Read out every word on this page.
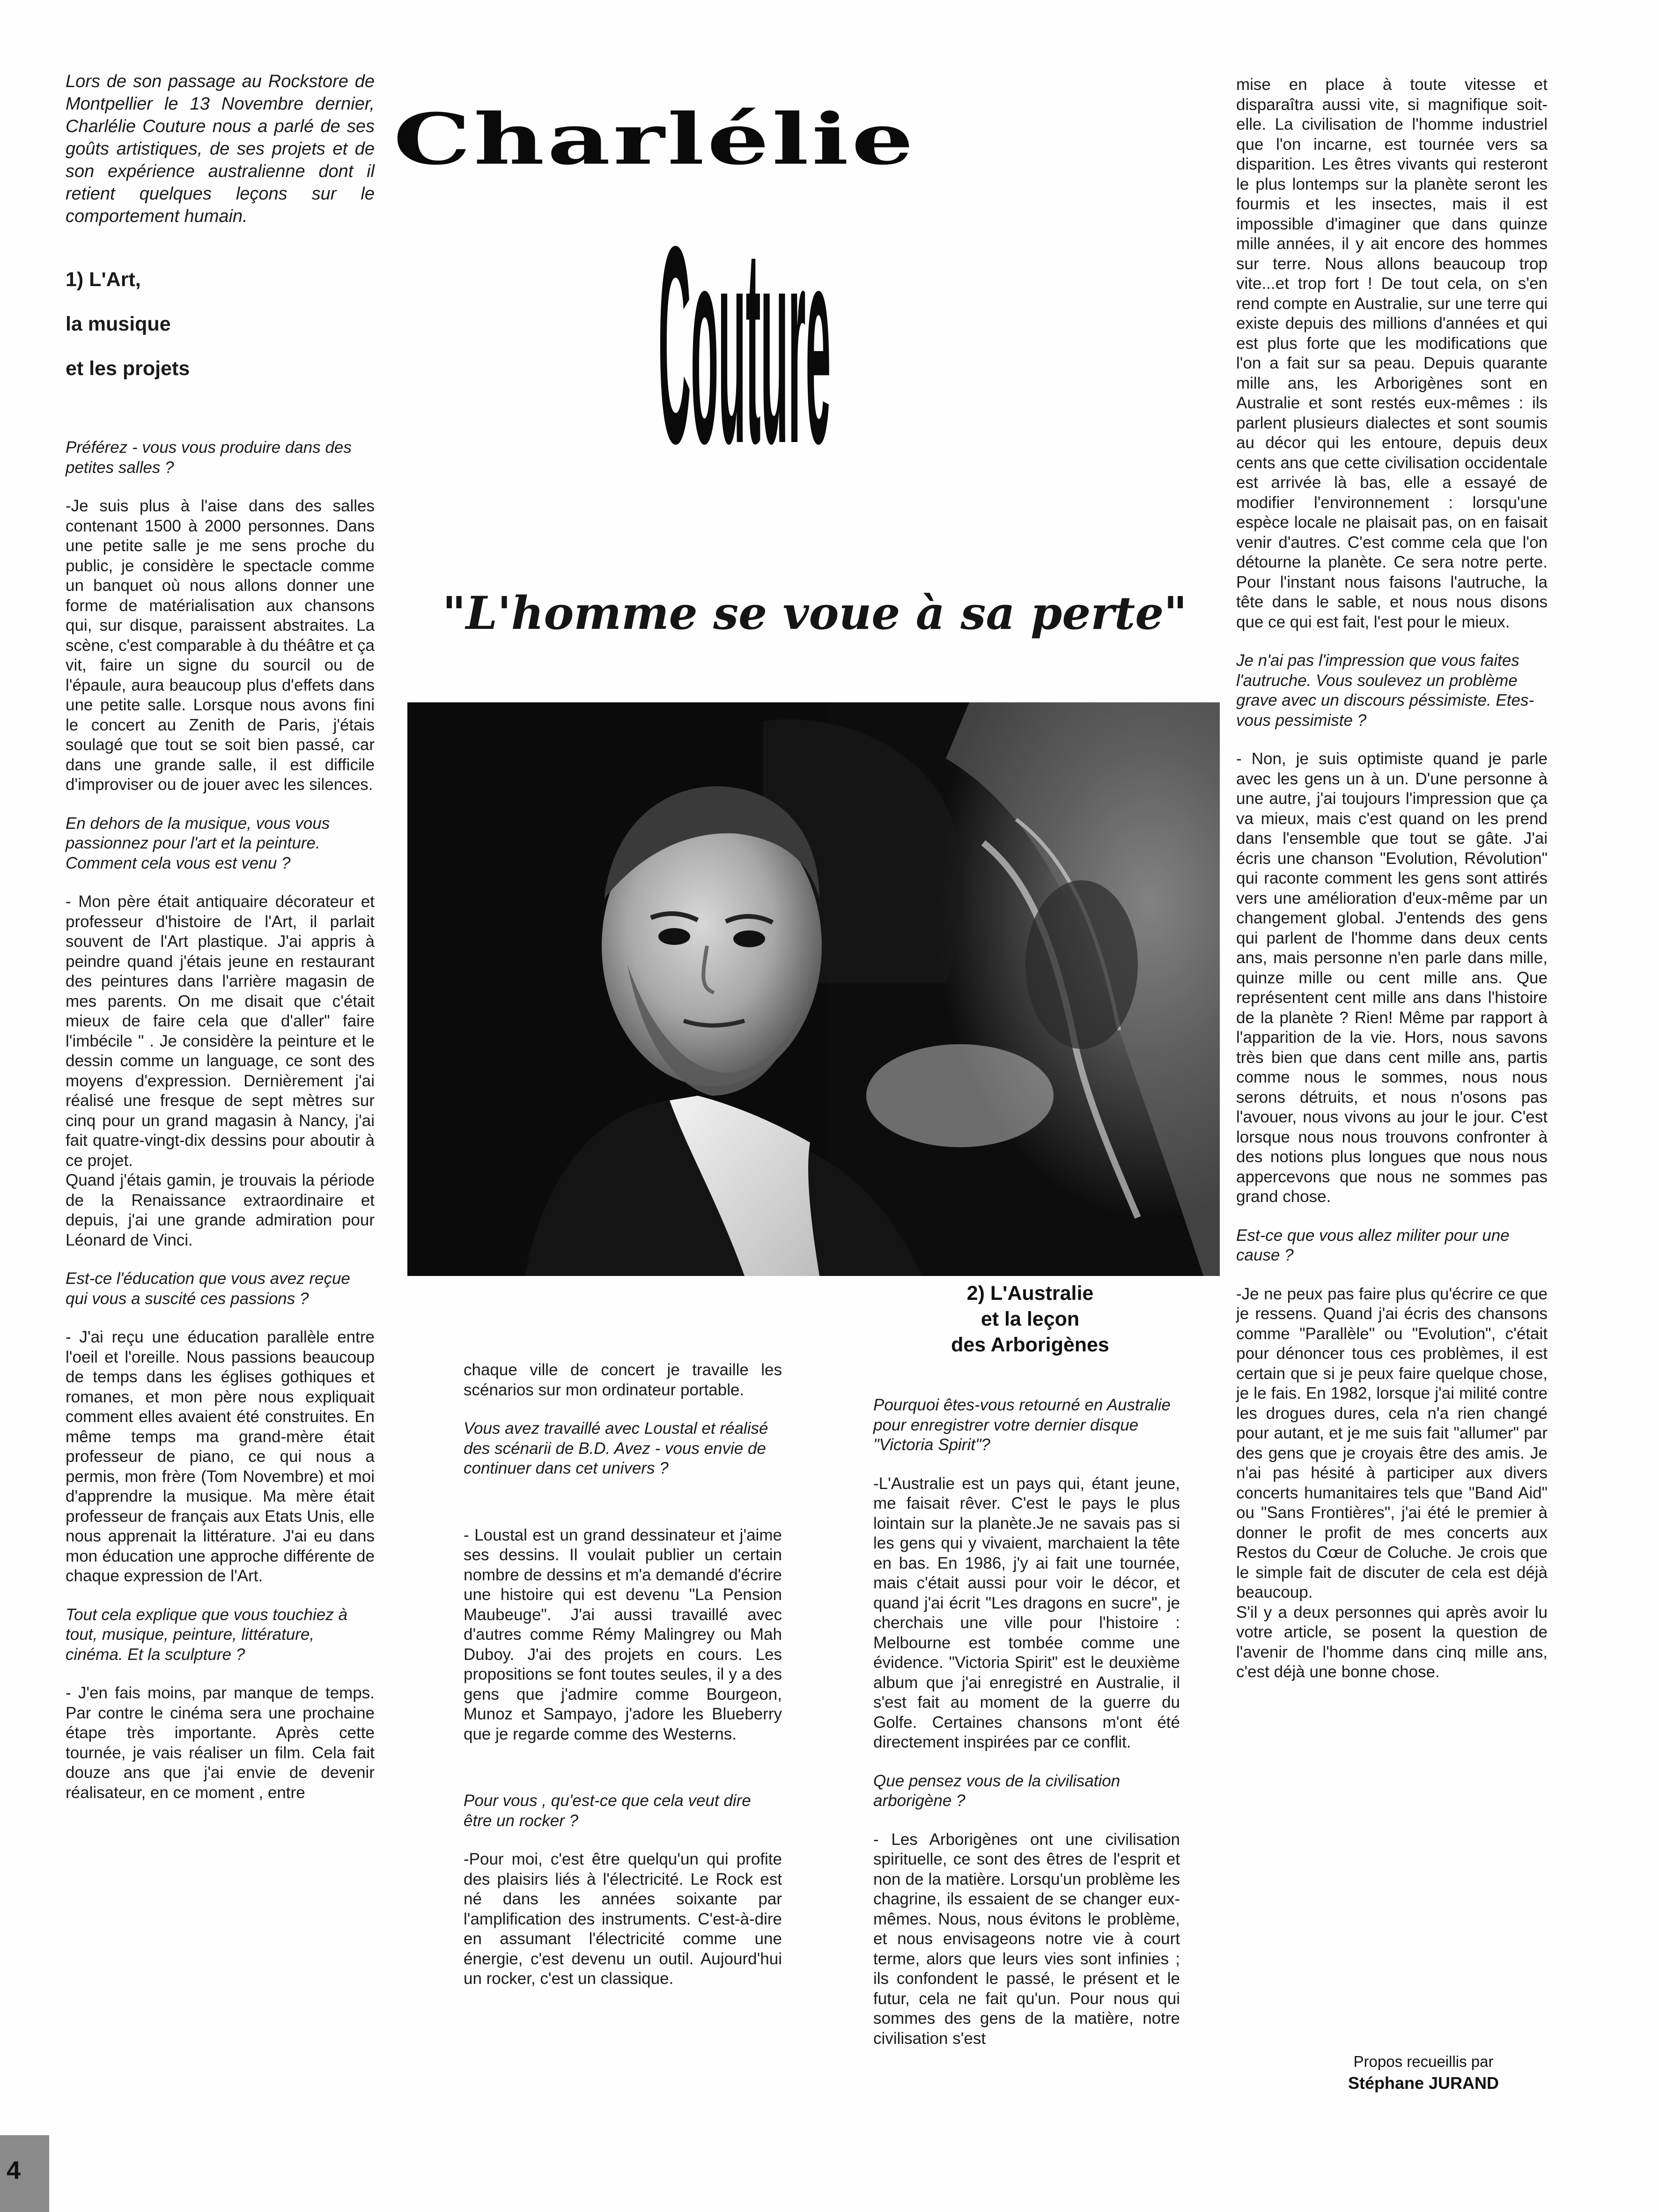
Lors de son passage au Rockstore de Montpellier le 13 Novembre dernier, Charlélie Couture nous a parlé de ses goûts artistiques, de ses projets et de son expérience australienne dont il retient quelques leçons sur le comportement humain.

1) L'Art,

la musique

et les projets

Préférez - vous vous produire dans des petites salles ?

-Je suis plus à l'aise dans des salles contenant 1500 à 2000 personnes. Dans une petite salle je me sens proche du public, je considère le spectacle comme un banquet où nous allons donner une forme de matérialisation aux chansons qui, sur disque, paraissent abstraites. La scène, c'est comparable à du théâtre et ça vit, faire un signe du sourcil ou de l'épaule, aura beaucoup plus d'effets dans une petite salle. Lorsque nous avons fini le concert au Zenith de Paris, j'étais soulagé que tout se soit bien passé, car dans une grande salle, il est difficile d'improviser ou de jouer avec les silences.

En dehors de la musique, vous vous passionnez pour l'art et la peinture. Comment cela vous est venu ?

- Mon père était antiquaire décorateur et professeur d'histoire de l'Art, il parlait souvent de l'Art plastique. J'ai appris à peindre quand j'étais jeune en restaurant des peintures dans l'arrière magasin de mes parents. On me disait que c'était mieux de faire cela que d'aller" faire l'imbécile " . Je considère la peinture et le dessin comme un language, ce sont des moyens d'expression. Dernièrement j'ai réalisé une fresque de sept mètres sur cinq pour un grand magasin à Nancy, j'ai fait quatre-vingt-dix dessins pour aboutir à ce projet.

Quand j'étais gamin, je trouvais la période de la Renaissance extraordinaire et depuis, j'ai une grande admiration pour Léonard de Vinci.

Est-ce l'éducation que vous avez reçue qui vous a suscité ces passions ?

- J'ai reçu une éducation parallèle entre l'oeil et l'oreille. Nous passions beaucoup de temps dans les églises gothiques et romanes, et mon père nous expliquait comment elles avaient été construites. En même temps ma grand-mère était professeur de piano, ce qui nous a permis, mon frère (Tom Novembre) et moi d'apprendre la musique. Ma mère était professeur de français aux Etats Unis, elle nous apprenait la littérature. J'ai eu dans mon éducation une approche différente de chaque expression de l'Art.

Tout cela explique que vous touchiez à tout, musique, peinture, littérature, cinéma. Et la sculpture ?

- J'en fais moins, par manque de temps. Par contre le cinéma sera une prochaine étape très importante. Après cette tournée, je vais réaliser un film. Cela fait douze ans que j'ai envie de devenir réalisateur, en ce moment , entre

Charlélie
Couture

"L'homme se voue à sa perte"

chaque ville de concert je travaille les scénarios sur mon ordinateur portable.

Vous avez travaillé avec Loustal et réalisé des scénarii de B.D. Avez - vous envie de continuer dans cet univers ?

- Loustal est un grand dessinateur et j'aime ses dessins. Il voulait publier un certain nombre de dessins et m'a demandé d'écrire une histoire qui est devenu "La Pension Maubeuge". J'ai aussi travaillé avec d'autres comme Rémy Malingrey ou Mah Duboy. J'ai des projets en cours. Les propositions se font toutes seules, il y a des gens que j'admire comme Bourgeon, Munoz et Sampayo, j'adore les Blueberry que je regarde comme des Westerns.

Pour vous , qu'est-ce que cela veut dire être un rocker ?

-Pour moi, c'est être quelqu'un qui profite des plaisirs liés à l'électricité. Le Rock est né dans les années soixante par l'amplification des instruments. C'est-à-dire en assumant l'électricité comme une énergie, c'est devenu un outil. Aujourd'hui un rocker, c'est un classique.

2) L'Australie

et la leçon

des Arborigènes

Pourquoi êtes-vous retourné en Australie pour enregistrer votre dernier disque "Victoria Spirit"?

-L'Australie est un pays qui, étant jeune, me faisait rêver. C'est le pays le plus lointain sur la planète.Je ne savais pas si les gens qui y vivaient, marchaient la tête en bas. En 1986, j'y ai fait une tournée, mais c'était aussi pour voir le décor, et quand j'ai écrit "Les dragons en sucre", je cherchais une ville pour l'histoire : Melbourne est tombée comme une évidence. "Victoria Spirit" est le deuxième album que j'ai enregistré en Australie, il s'est fait au moment de la guerre du Golfe. Certaines chansons m'ont été directement inspirées par ce conflit.

Que pensez vous de la civilisation arborigène ?

- Les Arborigènes ont une civilisation spirituelle, ce sont des êtres de l'esprit et non de la matière. Lorsqu'un problème les chagrine, ils essaient de se changer eux-mêmes. Nous, nous évitons le problème, et nous envisageons notre vie à court terme, alors que leurs vies sont infinies ; ils confondent le passé, le présent et le futur, cela ne fait qu'un. Pour nous qui sommes des gens de la matière, notre civilisation s'est

mise en place à toute vitesse et disparaîtra aussi vite, si magnifique soit-elle. La civilisation de l'homme industriel que l'on incarne, est tournée vers sa disparition. Les êtres vivants qui resteront le plus lontemps sur la planète seront les fourmis et les insectes, mais il est impossible d'imaginer que dans quinze mille années, il y ait encore des hommes sur terre. Nous allons beaucoup trop vite...et trop fort ! De tout cela, on s'en rend compte en Australie, sur une terre qui existe depuis des millions d'années et qui est plus forte que les modifications que l'on a fait sur sa peau. Depuis quarante mille ans, les Arborigènes sont en Australie et sont restés eux-mêmes : ils parlent plusieurs dialectes et sont soumis au décor qui les entoure, depuis deux cents ans que cette civilisation occidentale est arrivée là bas, elle a essayé de modifier l'environnement : lorsqu'une espèce locale ne plaisait pas, on en faisait venir d'autres. C'est comme cela que l'on détourne la planète. Ce sera notre perte. Pour l'instant nous faisons l'autruche, la tête dans le sable, et nous nous disons que ce qui est fait, l'est pour le mieux.

Je n'ai pas l'impression que vous faites l'autruche. Vous soulevez un problème grave avec un discours péssimiste. Etes-vous pessimiste ?

- Non, je suis optimiste quand je parle avec les gens un à un. D'une personne à une autre, j'ai toujours l'impression que ça va mieux, mais c'est quand on les prend dans l'ensemble que tout se gâte. J'ai écris une chanson "Evolution, Révolution" qui raconte comment les gens sont attirés vers une amélioration d'eux-même par un changement global. J'entends des gens qui parlent de l'homme dans deux cents ans, mais personne n'en parle dans mille, quinze mille ou cent mille ans. Que représentent cent mille ans dans l'histoire de la planète ? Rien! Même par rapport à l'apparition de la vie. Hors, nous savons très bien que dans cent mille ans, partis comme nous le sommes, nous nous serons détruits, et nous n'osons pas l'avouer, nous vivons au jour le jour. C'est lorsque nous nous trouvons confronter à des notions plus longues que nous nous appercevons que nous ne sommes pas grand chose.

Est-ce que vous allez militer pour une cause ?

-Je ne peux pas faire plus qu'écrire ce que je ressens. Quand j'ai écris des chansons comme "Parallèle" ou "Evolution", c'était pour dénoncer tous ces problèmes, il est certain que si je peux faire quelque chose, je le fais. En 1982, lorsque j'ai milité contre les drogues dures, cela n'a rien changé pour autant, et je me suis fait "allumer" par des gens que je croyais être des amis. Je n'ai pas hésité à participer aux divers concerts humanitaires tels que "Band Aid" ou "Sans Frontières", j'ai été le premier à donner le profit de mes concerts aux Restos du Cœur de Coluche. Je crois que le simple fait de discuter de cela est déjà beaucoup.

S'il y a deux personnes qui après avoir lu votre article, se posent la question de l'avenir de l'homme dans cinq mille ans, c'est déjà une bonne chose.

Propos recueillis par

Stéphane JURAND

4
